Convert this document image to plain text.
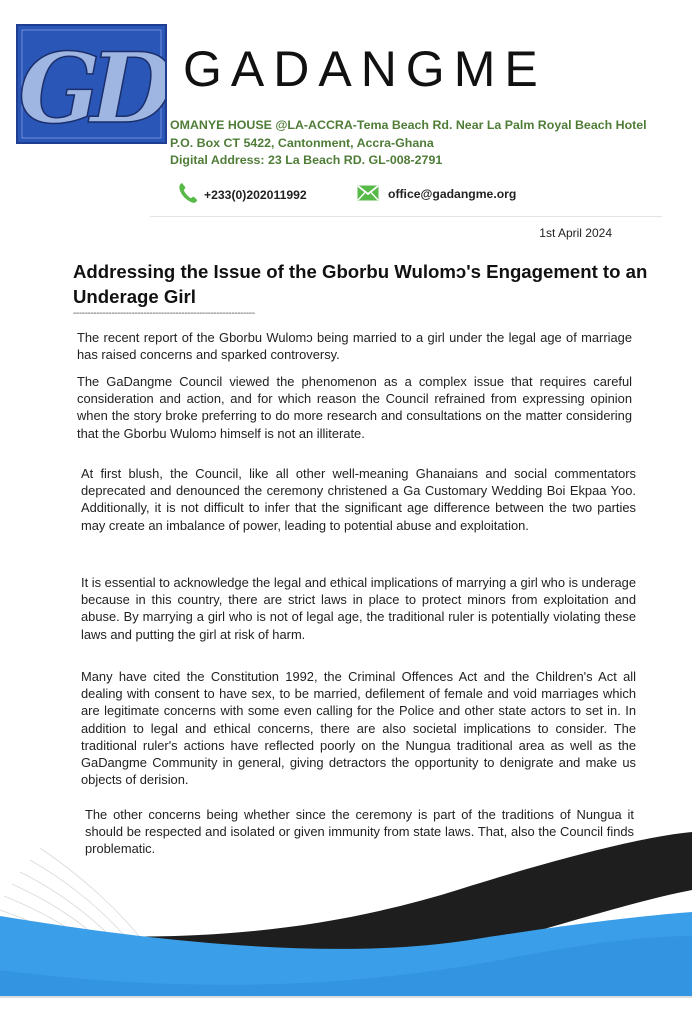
GD GADANGME

OMANYE HOUSE @LA-ACCRA-Tema Beach Rd. Near La Palm Royal Beach Hotel

P.O. Box CT 5422, Cantonment, Accra-Ghana

Digital Address: 23 La Beach RD. GL-008-2791

+233(0)202011992	office@gadangme.org
1st April 2024
Addressing the Issue of the Gborbu Wulomɔ's Engagement to an Underage Girl
--------------------------------------------------------------

The recent report of the Gborbu Wulomɔ being married to a girl under the legal age of marriage has raised concerns and sparked controversy.

The GaDangme Council viewed the phenomenon as a complex issue that requires careful consideration and action, and for which reason the Council refrained from expressing opinion when the story broke preferring to do more research and consultations on the matter considering that the Gborbu Wulomɔ himself is not an illiterate.

At first blush, the Council, like all other well-meaning Ghanaians and social commentators deprecated and denounced the ceremony christened a Ga Customary Wedding Boi Ekpaa Yoo. Additionally, it is not difficult to infer that the significant age difference between the two parties may create an imbalance of power, leading to potential abuse and exploitation.

It is essential to acknowledge the legal and ethical implications of marrying a girl who is underage because in this country, there are strict laws in place to protect minors from exploitation and abuse. By marrying a girl who is not of legal age, the traditional ruler is potentially violating these laws and putting the girl at risk of harm.

Many have cited the Constitution 1992, the Criminal Offences Act and the Children's Act all dealing with consent to have sex, to be married, defilement of female and void marriages which are legitimate concerns with some even calling for the Police and other state actors to set in. In addition to legal and ethical concerns, there are also societal implications to consider. The traditional ruler's actions have reflected poorly on the Nungua traditional area as well as the GaDangme Community in general, giving detractors the opportunity to denigrate and make us objects of derision.

The other concerns being whether since the ceremony is part of the traditions of Nungua it should be respected and isolated or given immunity from state laws. That, also the Council finds problematic.
